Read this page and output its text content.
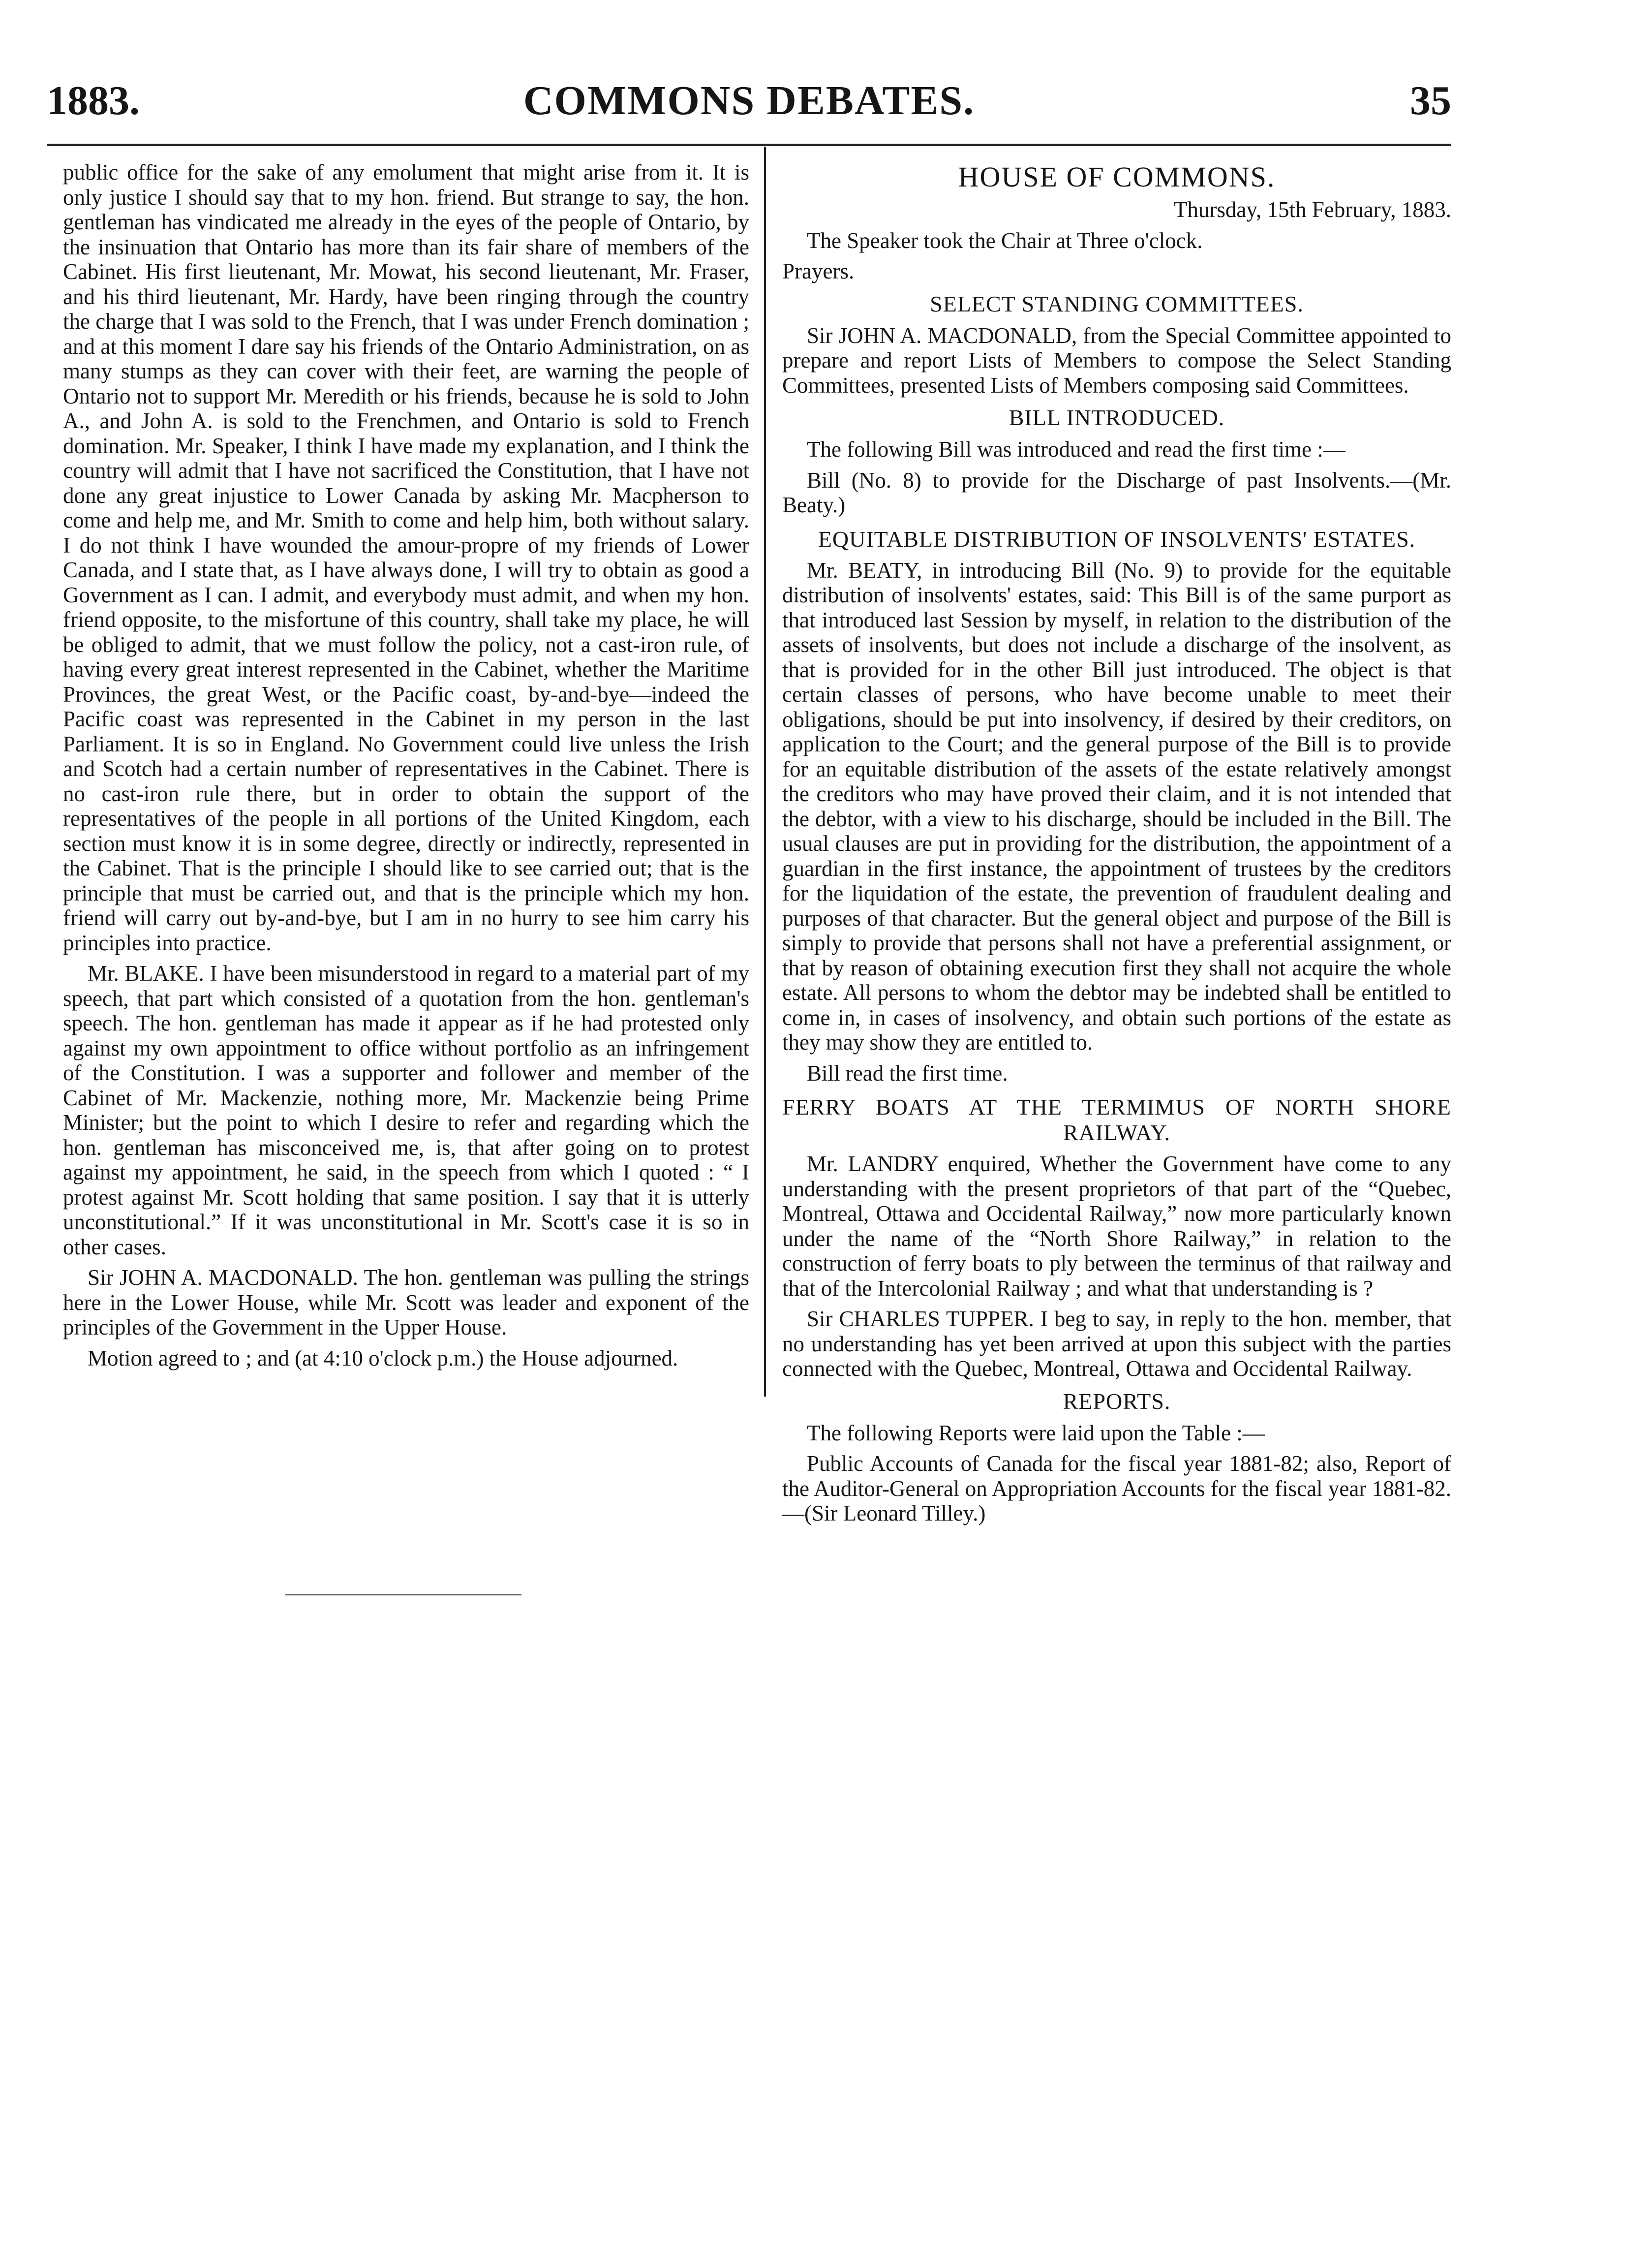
1883.	COMMONS DEBATES.	35

public office for the sake of any emolument that might arise from it. It is only justice I should say that to my hon. friend. But strange to say, the hon. gentleman has vindicated me already in the eyes of the people of Ontario, by the insinuation that Ontario has more than its fair share of members of the Cabinet. His first lieutenant, Mr. Mowat, his second lieutenant, Mr. Fraser, and his third lieutenant, Mr. Hardy, have been ringing through the country the charge that I was sold to the French, that I was under French domination ; and at this moment I dare say his friends of the Ontario Administration, on as many stumps as they can cover with their feet, are warning the people of Ontario not to support Mr. Meredith or his friends, because he is sold to John A., and John A. is sold to the Frenchmen, and Ontario is sold to French domination. Mr. Speaker, I think I have made my explanation, and I think the country will admit that I have not sacrificed the Constitution, that I have not done any great injustice to Lower Canada by asking Mr. Macpherson to come and help me, and Mr. Smith to come and help him, both without salary. I do not think I have wounded the amour-propre of my friends of Lower Canada, and I state that, as I have always done, I will try to obtain as good a Government as I can. I admit, and everybody must admit, and when my hon. friend opposite, to the misfortune of this country, shall take my place, he will be obliged to admit, that we must follow the policy, not a cast-iron rule, of having every great interest represented in the Cabinet, whether the Maritime Provinces, the great West, or the Pacific coast, by-and-bye—indeed the Pacific coast was represented in the Cabinet in my person in the last Parliament. It is so in England. No Government could live unless the Irish and Scotch had a certain number of representatives in the Cabinet. There is no cast-iron rule there, but in order to obtain the support of the representatives of the people in all portions of the United Kingdom, each section must know it is in some degree, directly or indirectly, represented in the Cabinet. That is the principle I should like to see carried out; that is the principle that must be carried out, and that is the principle which my hon. friend will carry out by-and-bye, but I am in no hurry to see him carry his principles into practice.

Mr. BLAKE. I have been misunderstood in regard to a material part of my speech, that part which consisted of a quotation from the hon. gentleman's speech. The hon. gentleman has made it appear as if he had protested only against my own appointment to office without portfolio as an infringement of the Constitution. I was a supporter and follower and member of the Cabinet of Mr. Mackenzie, nothing more, Mr. Mackenzie being Prime Minister; but the point to which I desire to refer and regarding which the hon. gentleman has misconceived me, is, that after going on to protest against my appointment, he said, in the speech from which I quoted : “ I protest against Mr. Scott holding that same position. I say that it is utterly unconstitutional.” If it was unconstitutional in Mr. Scott's case it is so in other cases.

Sir JOHN A. MACDONALD. The hon. gentleman was pulling the strings here in the Lower House, while Mr. Scott was leader and exponent of the principles of the Government in the Upper House.

Motion agreed to ; and (at 4:10 o'clock p.m.) the House adjourned.

HOUSE OF COMMONS.

Thursday, 15th February, 1883.

The Speaker took the Chair at Three o'clock.

Prayers.

SELECT STANDING COMMITTEES.

Sir JOHN A. MACDONALD, from the Special Committee appointed to prepare and report Lists of Members to compose the Select Standing Committees, presented Lists of Members composing said Committees.

BILL INTRODUCED.

The following Bill was introduced and read the first time :—

Bill (No. 8) to provide for the Discharge of past Insolvents.—(Mr. Beaty.)

EQUITABLE DISTRIBUTION OF INSOLVENTS' ESTATES.

Mr. BEATY, in introducing Bill (No. 9) to provide for the equitable distribution of insolvents' estates, said: This Bill is of the same purport as that introduced last Session by myself, in relation to the distribution of the assets of insolvents, but does not include a discharge of the insolvent, as that is provided for in the other Bill just introduced. The object is that certain classes of persons, who have become unable to meet their obligations, should be put into insolvency, if desired by their creditors, on application to the Court; and the general purpose of the Bill is to provide for an equitable distribution of the assets of the estate relatively amongst the creditors who may have proved their claim, and it is not intended that the debtor, with a view to his discharge, should be included in the Bill. The usual clauses are put in providing for the distribution, the appointment of a guardian in the first instance, the appointment of trustees by the creditors for the liquidation of the estate, the prevention of fraudulent dealing and purposes of that character. But the general object and purpose of the Bill is simply to provide that persons shall not have a preferential assignment, or that by reason of obtaining execution first they shall not acquire the whole estate. All persons to whom the debtor may be indebted shall be entitled to come in, in cases of insolvency, and obtain such portions of the estate as they may show they are entitled to.

Bill read the first time.

FERRY BOATS AT THE TERMIMUS OF NORTH SHORE RAILWAY.

Mr. LANDRY enquired, Whether the Government have come to any understanding with the present proprietors of that part of the “Quebec, Montreal, Ottawa and Occidental Railway,” now more particularly known under the name of the “North Shore Railway,” in relation to the construction of ferry boats to ply between the terminus of that railway and that of the Intercolonial Railway ; and what that understanding is ?

Sir CHARLES TUPPER. I beg to say, in reply to the hon. member, that no understanding has yet been arrived at upon this subject with the parties connected with the Quebec, Montreal, Ottawa and Occidental Railway.

REPORTS.

The following Reports were laid upon the Table :—

Public Accounts of Canada for the fiscal year 1881-82; also, Report of the Auditor-General on Appropriation Accounts for the fiscal year 1881-82.—(Sir Leonard Tilley.)
